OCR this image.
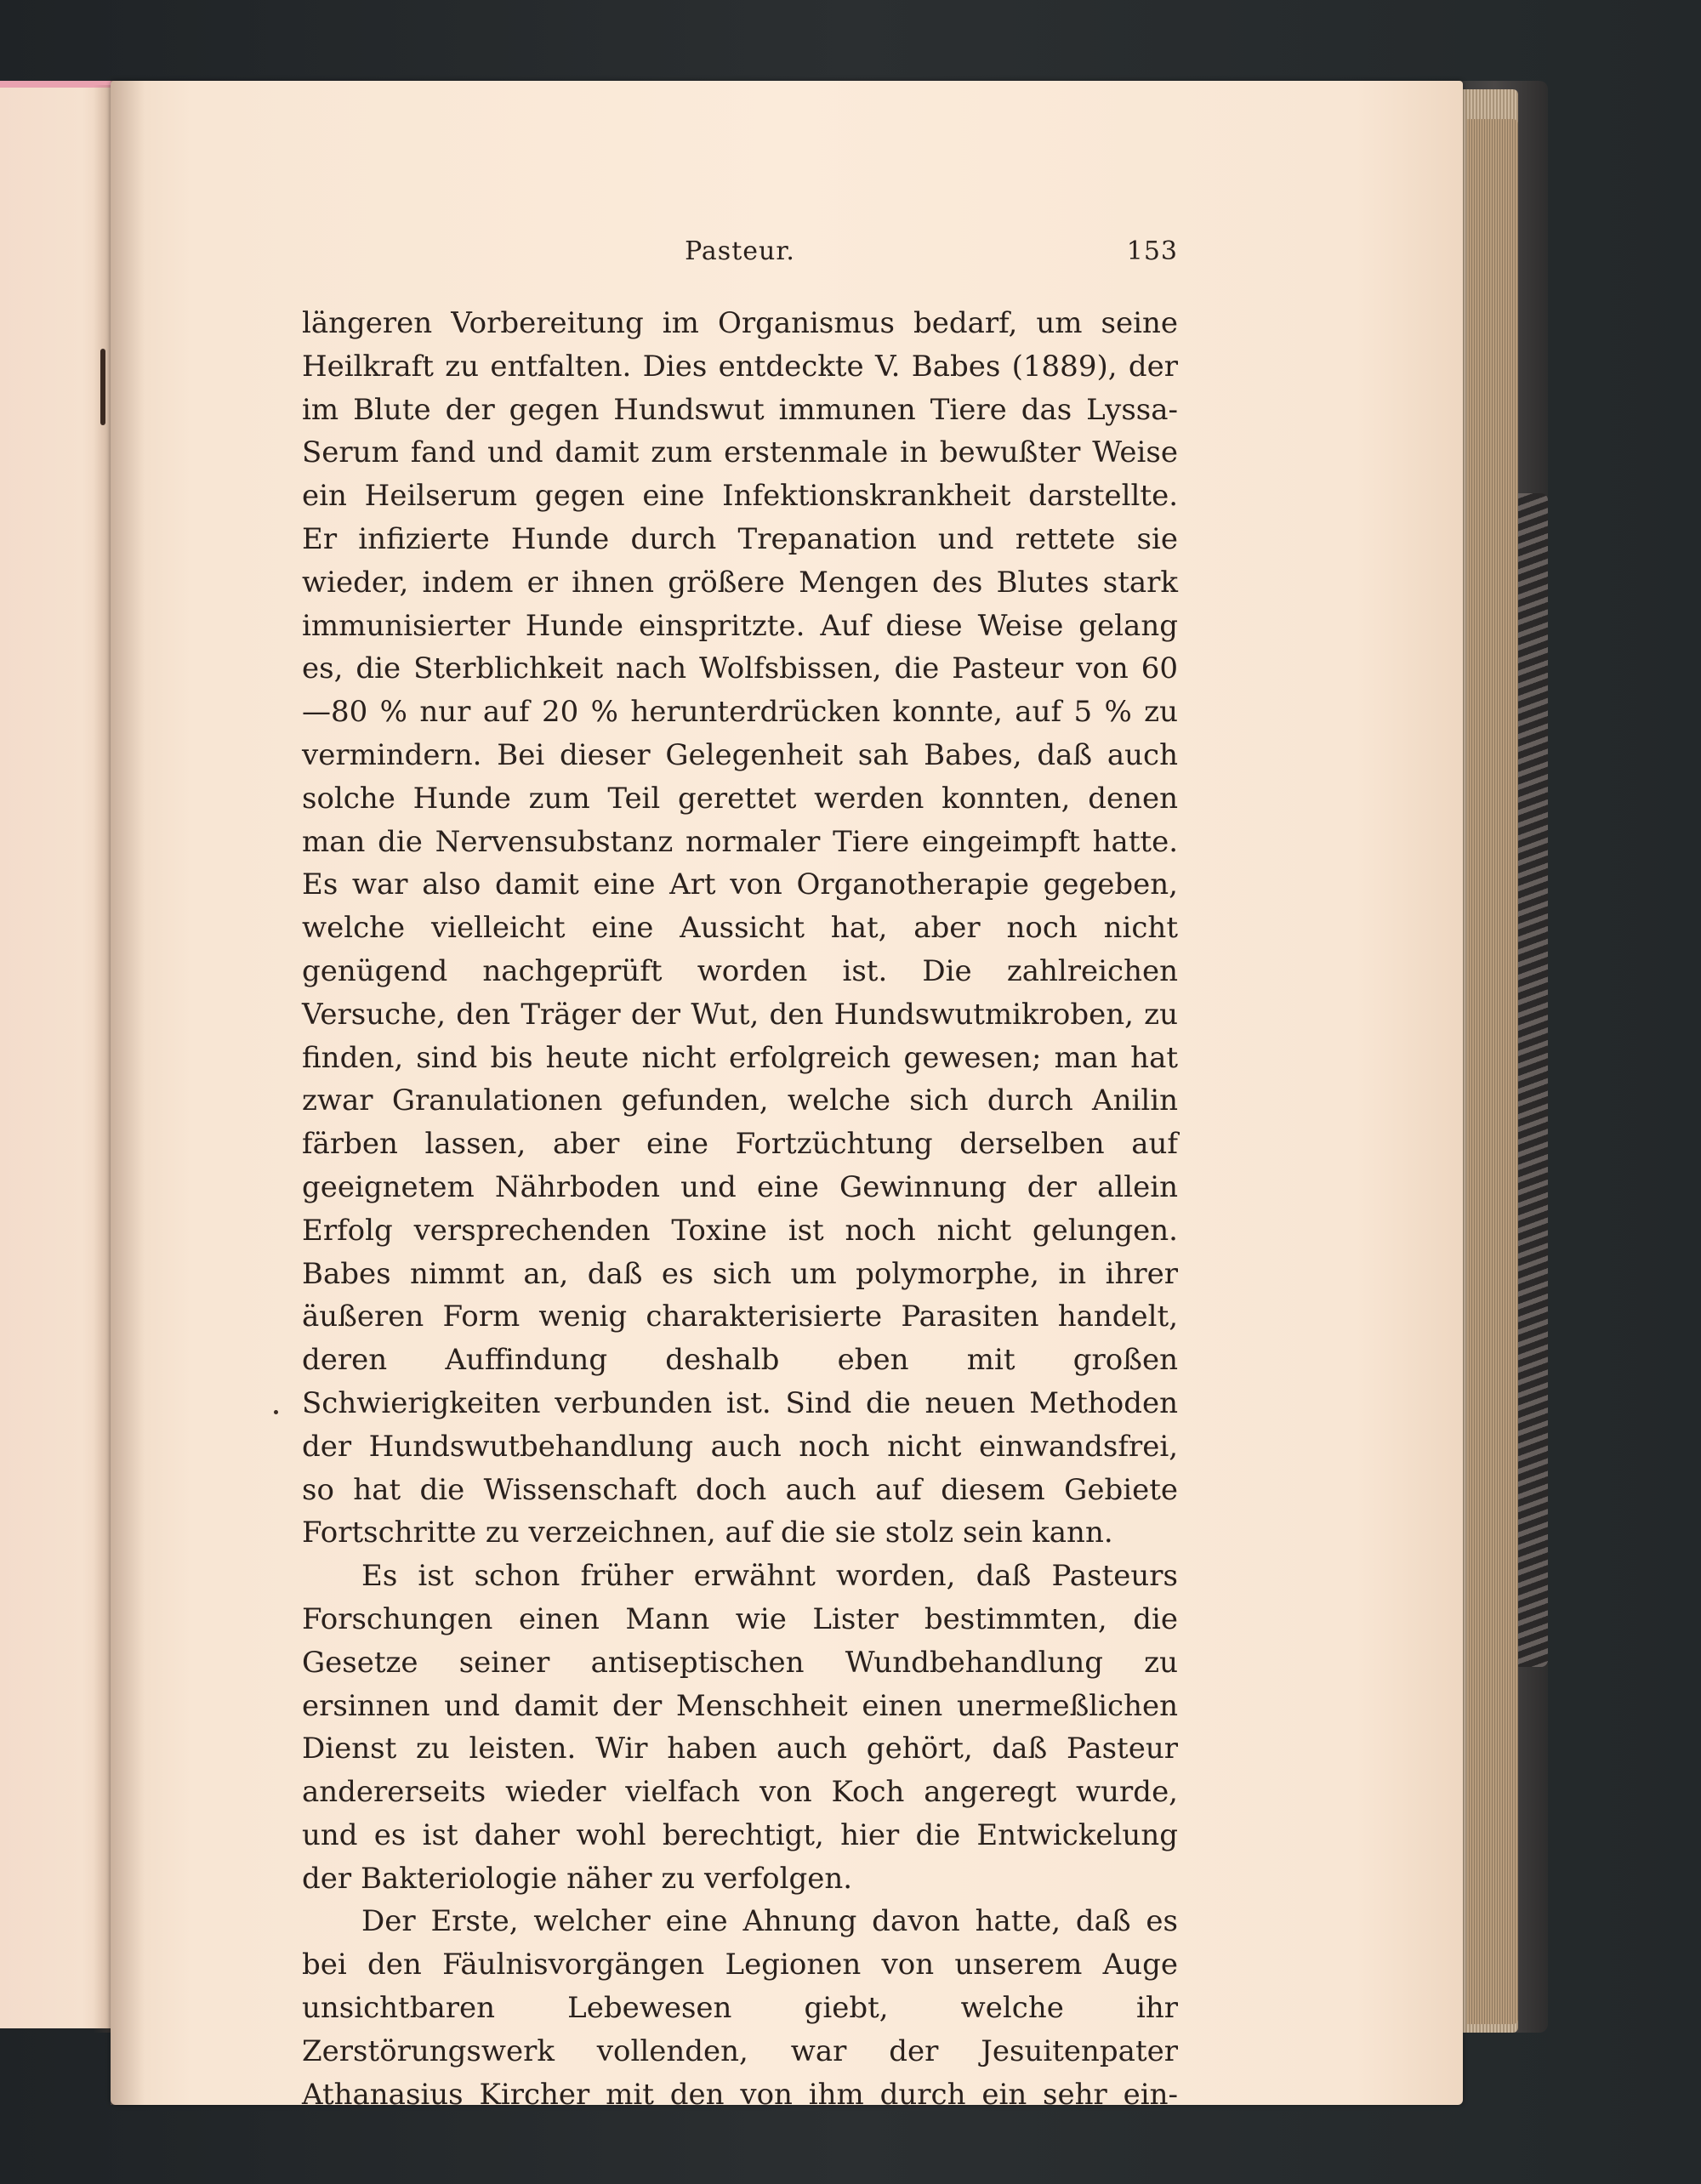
Pasteur.	153

längeren Vorbereitung im Organismus bedarf, um seine Heilkraft zu entfalten. Dies entdeckte V. Babes (1889), der im Blute der gegen Hundswut immunen Tiere das Lyssa-Serum fand und damit zum erstenmale in bewußter Weise ein Heilserum gegen eine Infektionskrankheit darstellte. Er infizierte Hunde durch Trepanation und rettete sie wieder, indem er ihnen größere Mengen des Blutes stark immunisierter Hunde einspritzte. Auf diese Weise gelang es, die Sterblichkeit nach Wolfsbissen, die Pasteur von 60—80 % nur auf 20 % herunterdrücken konnte, auf 5 % zu vermindern. Bei dieser Gelegenheit sah Babes, daß auch solche Hunde zum Teil gerettet werden konnten, denen man die Nervensubstanz normaler Tiere eingeimpft hatte. Es war also damit eine Art von Organotherapie gegeben, welche vielleicht eine Aussicht hat, aber noch nicht genügend nachgeprüft worden ist. Die zahlreichen Versuche, den Träger der Wut, den Hundswutmikroben, zu finden, sind bis heute nicht erfolgreich gewesen; man hat zwar Granulationen gefunden, welche sich durch Anilin färben lassen, aber eine Fortzüchtung derselben auf geeignetem Nährboden und eine Gewinnung der allein Erfolg versprechenden Toxine ist noch nicht gelungen. Babes nimmt an, daß es sich um polymorphe, in ihrer äußeren Form wenig charakterisierte Parasiten handelt, deren Auffindung deshalb eben mit großen Schwierigkeiten verbunden ist. Sind die neuen Methoden der Hundswutbehandlung auch noch nicht einwandsfrei, so hat die Wissenschaft doch auch auf diesem Gebiete Fortschritte zu verzeichnen, auf die sie stolz sein kann.

Es ist schon früher erwähnt worden, daß Pasteurs Forschungen einen Mann wie Lister bestimmten, die Gesetze seiner antiseptischen Wundbehandlung zu ersinnen und damit der Menschheit einen unermeßlichen Dienst zu leisten. Wir haben auch gehört, daß Pasteur andererseits wieder vielfach von Koch angeregt wurde, und es ist daher wohl berechtigt, hier die Entwickelung der Bakteriologie näher zu verfolgen.

Der Erste, welcher eine Ahnung davon hatte, daß es bei den Fäulnisvorgängen Legionen von unserem Auge unsichtbaren Lebewesen giebt, welche ihr Zerstörungswerk vollenden, war der Jesuitenpater Athanasius Kircher mit den von ihm durch ein sehr ein-
